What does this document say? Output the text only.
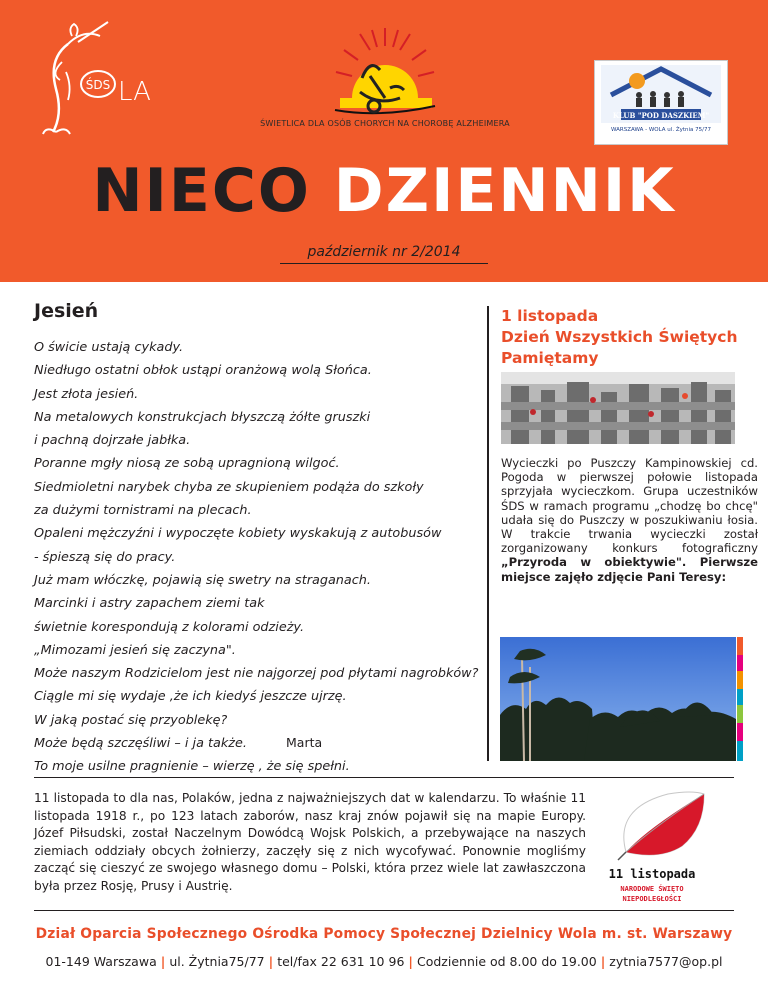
ŚDS LA
ŚWIETLICA DLA OSÓB CHORYCH NA CHOROBĘ ALZHEIMERA
KLUB "POD DASZKIEM"
WARSZAWA - WOLA ul. Żytnia 75/77
NIECO DZIENNIK
październik nr 2/2014
Jesień
O świcie ustają cykady.
Niedługo ostatni obłok ustąpi oranżową wolą Słońca.
Jest złota jesień.
Na metalowych konstrukcjach błyszczą żółte gruszki
i pachną dojrzałe jabłka.
Poranne mgły niosą ze sobą upragnioną wilgoć.
Siedmioletni narybek chyba ze skupieniem podąża do szkoły
za dużymi tornistrami na plecach.
Opaleni mężczyźni i wypoczęte kobiety wyskakują z autobusów
- śpieszą się do pracy.
Już mam włóczkę, pojawią się swetry na straganach.
Marcinki i astry zapachem ziemi tak
świetnie korespondują z kolorami odzieży.
„Mimozami jesień się zaczyna".
Może naszym Rodzicielom jest nie najgorzej pod płytami nagrobków?
Ciągle mi się wydaje ,że ich kiedyś jeszcze ujrzę.
W jaką postać się przyoblekę?
Może będą szczęśliwi – i ja także.
To moje usilne pragnienie – wierzę , że się spełni.
Marta
1 listopada
Dzień Wszystkich Świętych
Pamiętamy
Wycieczki po Puszczy Kampinowskiej cd. Pogoda w pierwszej połowie listopada sprzyjała wycieczkom. Grupa uczestników ŚDS w ramach programu „chodzę bo chcę" udała się do Puszczy w poszukiwaniu łosia. W trakcie trwania wycieczki został zorganizowany konkurs fotograficzny „Przyroda w obiektywie". Pierwsze miejsce zajęło zdjęcie Pani Teresy:
11 listopada to dla nas, Polaków, jedna z najważniejszych dat w kalendarzu. To właśnie 11 listopada 1918 r., po 123 latach zaborów, nasz kraj znów pojawił się na mapie Europy. Józef Piłsudski, został Naczelnym Dowódcą Wojsk Polskich, a przebywające na naszych ziemiach oddziały obcych żołnierzy, zaczęły się z nich wycofywać. Ponownie mogliśmy zacząć się cieszyć ze swojego własnego domu – Polski, która przez wiele lat zawłaszczona była przez Rosję, Prusy i Austrię.
11 listopada
NARODOWE ŚWIĘTO
NIEPODLEGŁOŚCI
Dział Oparcia Społecznego Ośrodka Pomocy Społecznej Dzielnicy Wola m. st. Warszawy
01-149 Warszawa | ul. Żytnia75/77 | tel/fax 22 631 10 96 | Codziennie od 8.00 do 19.00 | zytnia7577@op.pl
